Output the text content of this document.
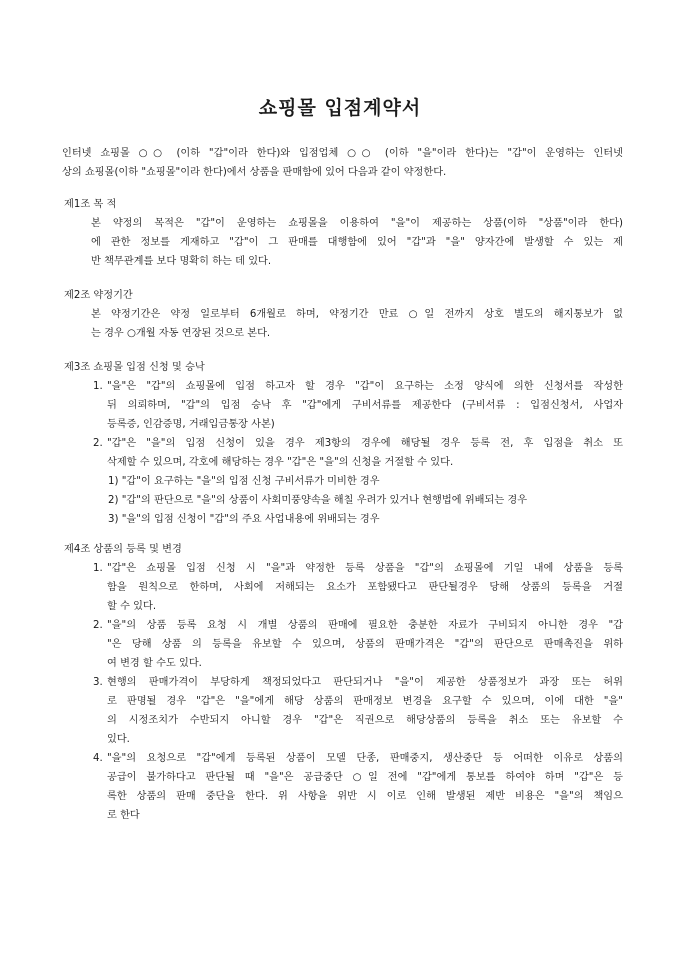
쇼핑몰 입점계약서
인터넷 쇼핑몰 ○○ (이하 "갑"이라 한다)와 입점업체 ○○ (이하 "을"이라 한다)는 "갑"이 운영하는 인터넷
상의 쇼핑몰(이하 "쇼핑몰"이라 한다)에서 상품을 판매함에 있어 다음과 같이 약정한다.
제1조 목 적
본 약정의 목적은 "갑"이 운영하는 쇼핑몰을 이용하여 "을"이 제공하는 상품(이하 "상품"이라 한다)
에 관한 정보를 게재하고 "갑"이 그 판매를 대행함에 있어 "갑"과 "을" 양자간에 발생할 수 있는 제
반 책무관계를 보다 명확히 하는 데 있다.
제2조 약정기간
본 약정기간은 약정 일로부터 6개월로 하며, 약정기간 만료 ○일 전까지 상호 별도의 해지통보가 없
는 경우 ○개월 자동 연장된 것으로 본다.
제3조 쇼핑몰 입점 신청 및 승낙
1. "을"은 "갑"의 쇼핑몰에 입점 하고자 할 경우 "갑"이 요구하는 소정 양식에 의한 신청서를 작성한
뒤 의뢰하며, "갑"의 입점 승낙 후 "갑"에게 구비서류를 제공한다 (구비서류 : 입점신청서, 사업자
등록증, 인감증명, 거래입금통장 사본)
2. "갑"은 "을"의 입점 신청이 있을 경우 제3항의 경우에 해당될 경우 등록 전, 후 입점을 취소 또
삭제할 수 있으며, 각호에 해당하는 경우 "갑"은 "을"의 신청을 거절할 수 있다.
1) "갑"이 요구하는 "을"의 입점 신청 구비서류가 미비한 경우
2) "갑"의 판단으로 "을"의 상품이 사회미풍양속을 해칠 우려가 있거나 현행법에 위배되는 경우
3) "을"의 입점 신청이 "갑"의 주요 사업내용에 위배되는 경우
제4조 상품의 등록 및 변경
1. "갑"은 쇼핑몰 입점 신청 시 "을"과 약정한 등록 상품을 "갑"의 쇼핑몰에 기일 내에 상품을 등록
함을 원칙으로 한하며, 사회에 저해되는 요소가 포함됐다고 판단될경우 당해 상품의 등록을 거절
할 수 있다.
2. "을"의 상품 등록 요청 시 개별 상품의 판매에 필요한 충분한 자료가 구비되지 아니한 경우 "갑
"은 당해 상품 의 등록을 유보할 수 있으며, 상품의 판매가격은 "갑"의 판단으로 판매촉진을 위하
여 변경 할 수도 있다.
3. 현행의 판매가격이 부당하게 책정되었다고 판단되거나 "을"이 제공한 상품정보가 과장 또는 허위
로 판명될 경우 "갑"은 "을"에게 해당 상품의 판매정보 변경을 요구할 수 있으며, 이에 대한 "을"
의 시정조치가 수반되지 아니할 경우 "갑"은 직권으로 해당상품의 등록을 취소 또는 유보할 수
있다.
4. "을"의 요청으로 "갑"에게 등록된 상품이 모델 단종, 판매중지, 생산중단 등 어떠한 이유로 상품의
공급이 불가하다고 판단될 때 "을"은 공급중단 ○일 전에 "갑"에게 통보를 하여야 하며 "갑"은 등
록한 상품의 판매 중단을 한다. 위 사항을 위반 시 이로 인해 발생된 제반 비용은 "을"의 책임으
로 한다
